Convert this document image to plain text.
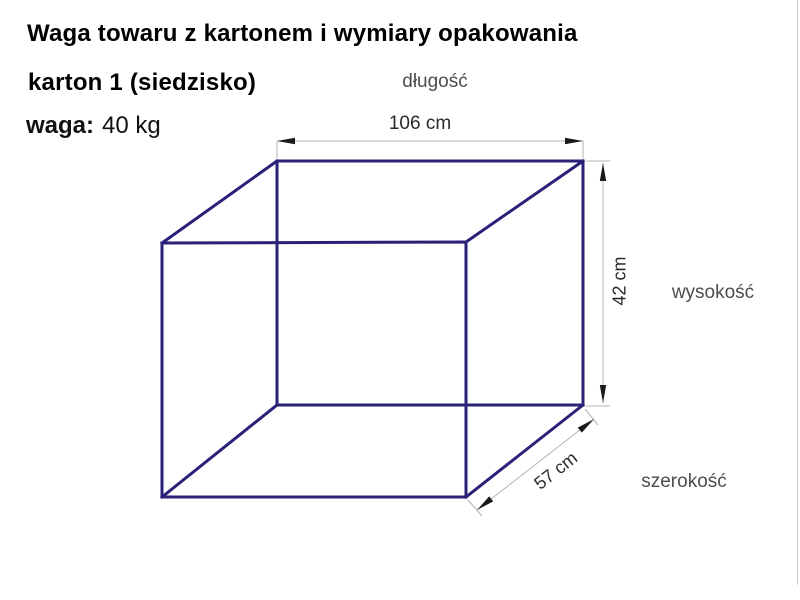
Waga towaru z kartonem i wymiary opakowania
karton 1 (siedzisko)
waga: 40 kg
długość
106 cm
wysokość
42 cm
szerokość
57 cm
